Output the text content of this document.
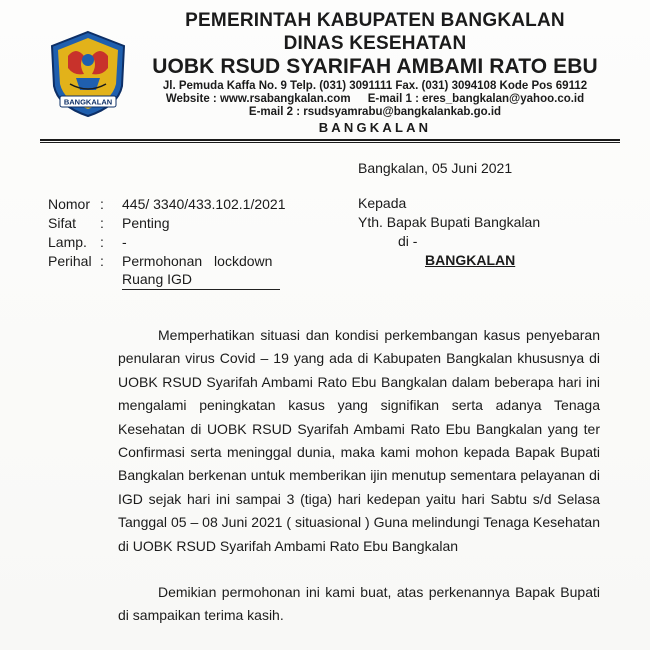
BANGKALAN
PEMERINTAH KABUPATEN BANGKALAN
DINAS KESEHATAN
UOBK RSUD SYARIFAH AMBAMI RATO EBU
Jl. Pemuda Kaffa No. 9 Telp. (031) 3091111 Fax. (031) 3094108 Kode Pos 69112
Website : www.rsabangkalan.com E-mail 1 : eres_bangkalan@yahoo.co.id
E-mail 2 : rsudsyamrabu@bangkalankab.go.id
BANGKALAN
Bangkalan, 05 Juni 2021
Nomor : 445/ 3340/433.102.1/2021
Sifat	: Penting
Lamp. : -
Perihal : Permohonan lockdown
Ruang IGD
Kepada
Yth. Bapak Bupati Bangkalan
di -
BANGKALAN

Memperhatikan situasi dan kondisi perkembangan kasus penyebaran penularan virus Covid – 19 yang ada di Kabupaten Bangkalan khususnya di UOBK RSUD Syarifah Ambami Rato Ebu Bangkalan dalam beberapa hari ini mengalami peningkatan kasus yang signifikan serta adanya Tenaga Kesehatan di UOBK RSUD Syarifah Ambami Rato Ebu Bangkalan yang ter Confirmasi serta meninggal dunia, maka kami mohon kepada Bapak Bupati Bangkalan berkenan untuk memberikan ijin menutup sementara pelayanan di IGD sejak hari ini sampai 3 (tiga) hari kedepan yaitu hari Sabtu s/d Selasa Tanggal 05 – 08 Juni 2021 ( situasional ) Guna melindungi Tenaga Kesehatan di UOBK RSUD Syarifah Ambami Rato Ebu Bangkalan

Demikian permohonan ini kami buat, atas perkenannya Bapak Bupati di sampaikan terima kasih.
